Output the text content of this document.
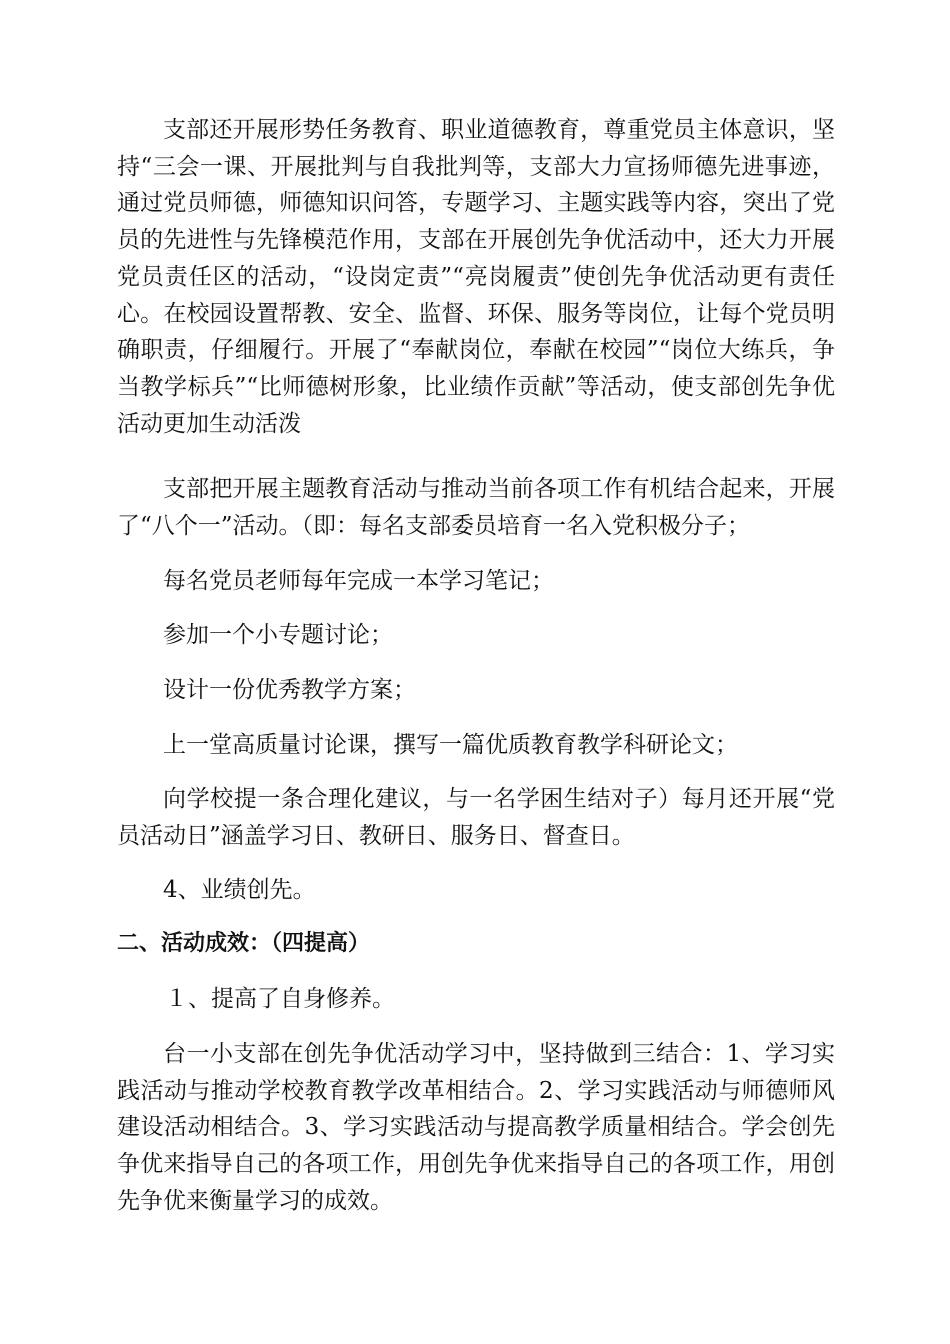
支部还开展形势任务教育、职业道德教育，尊重党员主体意识，坚持“三会一课、开展批判与自我批判等，支部大力宣扬师德先进事迹，通过党员师德，师德知识问答，专题学习、主题实践等内容，突出了党员的先进性与先锋模范作用，支部在开展创先争优活动中，还大力开展党员责任区的活动，“设岗定责”“亮岗履责”使创先争优活动更有责任心。在校园设置帮教、安全、监督、环保、服务等岗位，让每个党员明确职责，仔细履行。开展了“奉献岗位，奉献在校园”“岗位大练兵，争当教学标兵”“比师德树形象，比业绩作贡献”等活动，使支部创先争优活动更加生动活泼

支部把开展主题教育活动与推动当前各项工作有机结合起来，开展了“八个一”活动。（即：每名支部委员培育一名入党积极分子；

每名党员老师每年完成一本学习笔记；

参加一个小专题讨论；

设计一份优秀教学方案；

上一堂高质量讨论课，撰写一篇优质教育教学科研论文；

向学校提一条合理化建议，与一名学困生结对子）每月还开展“党员活动日”涵盖学习日、教研日、服务日、督查日。

4、业绩创先。

二、活动成效：（四提高）

１、提高了自身修养。

台一小支部在创先争优活动学习中，坚持做到三结合：1、学习实践活动与推动学校教育教学改革相结合。2、学习实践活动与师德师风建设活动相结合。3、学习实践活动与提高教学质量相结合。学会创先争优来指导自己的各项工作，用创先争优来指导自己的各项工作，用创先争优来衡量学习的成效。
